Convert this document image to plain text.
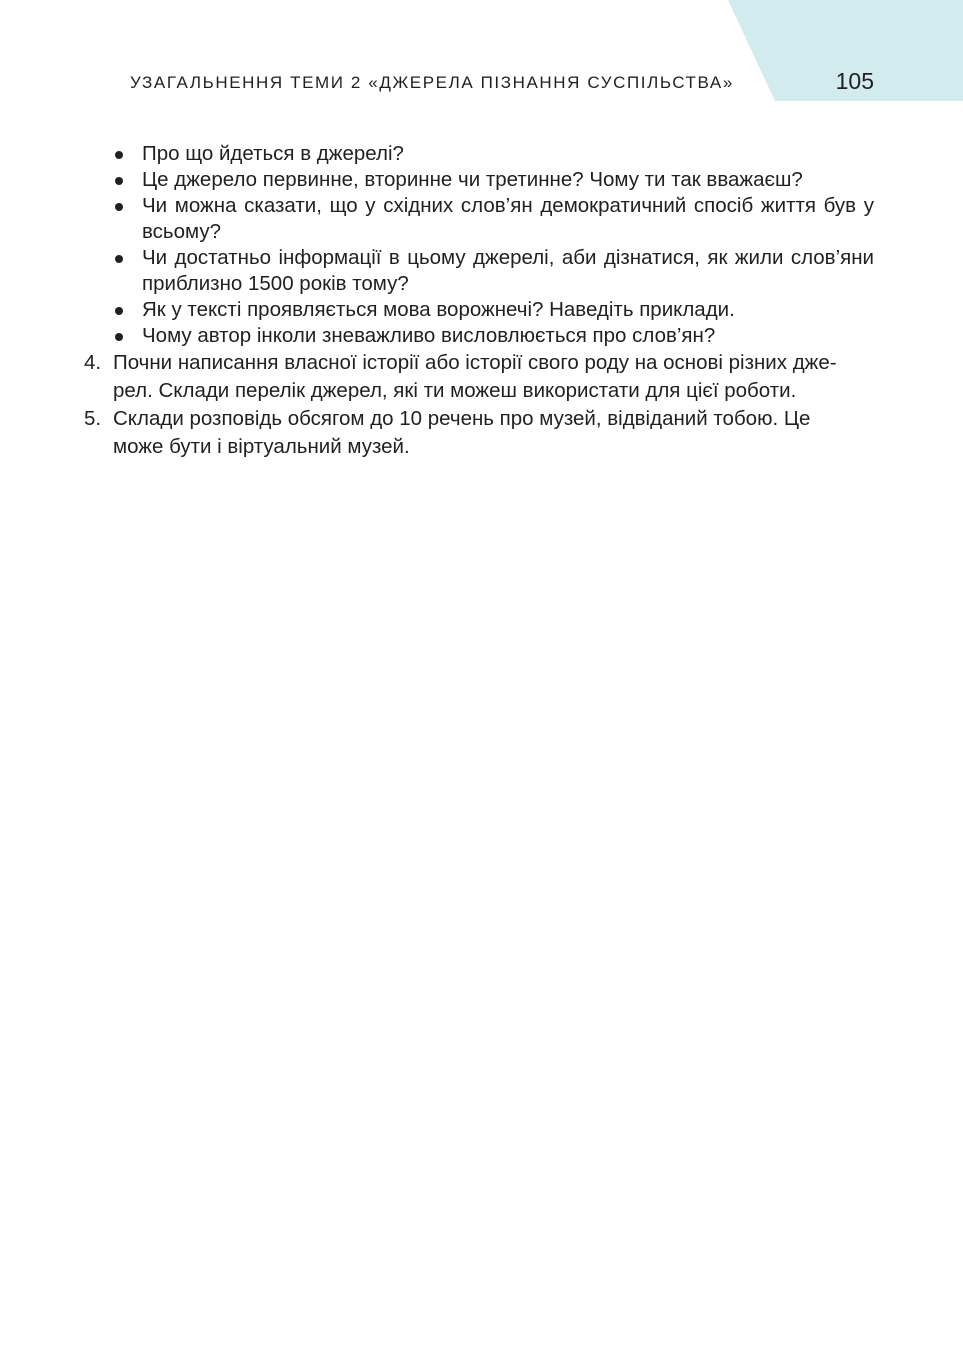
УЗАГАЛЬНЕННЯ ТЕМИ 2 «ДЖЕРЕЛА ПІЗНАННЯ СУСПІЛЬСТВА»	105
Про що йдеться в джерелі?
Це джерело первинне, вторинне чи третинне? Чому ти так вважаєш?
Чи можна сказати, що у східних слов’ян демократичний спосіб життя був у всьому?
Чи достатньо інформації в цьому джерелі, аби дізнатися, як жили слов’яни приблизно 1500 років тому?
Як у тексті проявляється мова ворожнечі? Наведіть приклади.
Чому автор інколи зневажливо висловлюється про слов’ян?
4. Почни написання власної історії або історії свого роду на основі різних дже-
рел. Склади перелік джерел, які ти можеш використати для цієї роботи.
5. Склади розповідь обсягом до 10 речень про музей, відвіданий тобою. Це
може бути і віртуальний музей.
